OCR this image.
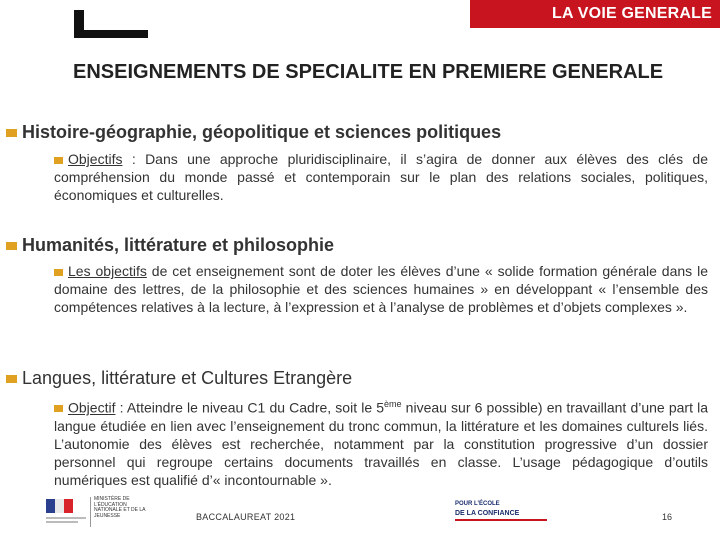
LA VOIE GENERALE
ENSEIGNEMENTS DE SPECIALITE EN PREMIERE GENERALE
Histoire-géographie, géopolitique et sciences politiques
Objectifs : Dans une approche pluridisciplinaire, il s’agira de donner aux élèves des clés de compréhension du monde passé et contemporain sur le plan des relations sociales, politiques, économiques et culturelles.
Humanités, littérature et philosophie
Les objectifs de cet enseignement sont de doter les élèves d’une « solide formation générale dans le domaine des lettres, de la philosophie et des sciences humaines » en développant « l’ensemble des compétences relatives à la lecture, à l’expression et à l’analyse de problèmes et d’objets complexes ».
Langues, littérature et Cultures Etrangère
Objectif : Atteindre le niveau C1 du Cadre, soit le 5ème niveau sur 6 possible) en travaillant d’une part la langue étudiée en lien avec l’enseignement du tronc commun, la littérature et les domaines culturels liés. L’autonomie des élèves est recherchée, notamment par la constitution progressive d’un dossier personnel qui regroupe certains documents travaillés en classe. L’usage pédagogique d’outils numériques est qualifié d’« incontournable ».
MINISTÈRE DE L’ÉDUCATION NATIONALE ET DE LA JEUNESSE	BACCALAUREAT 2021
POUR L’ÉCOLE
DE LA CONFIANCE	16
